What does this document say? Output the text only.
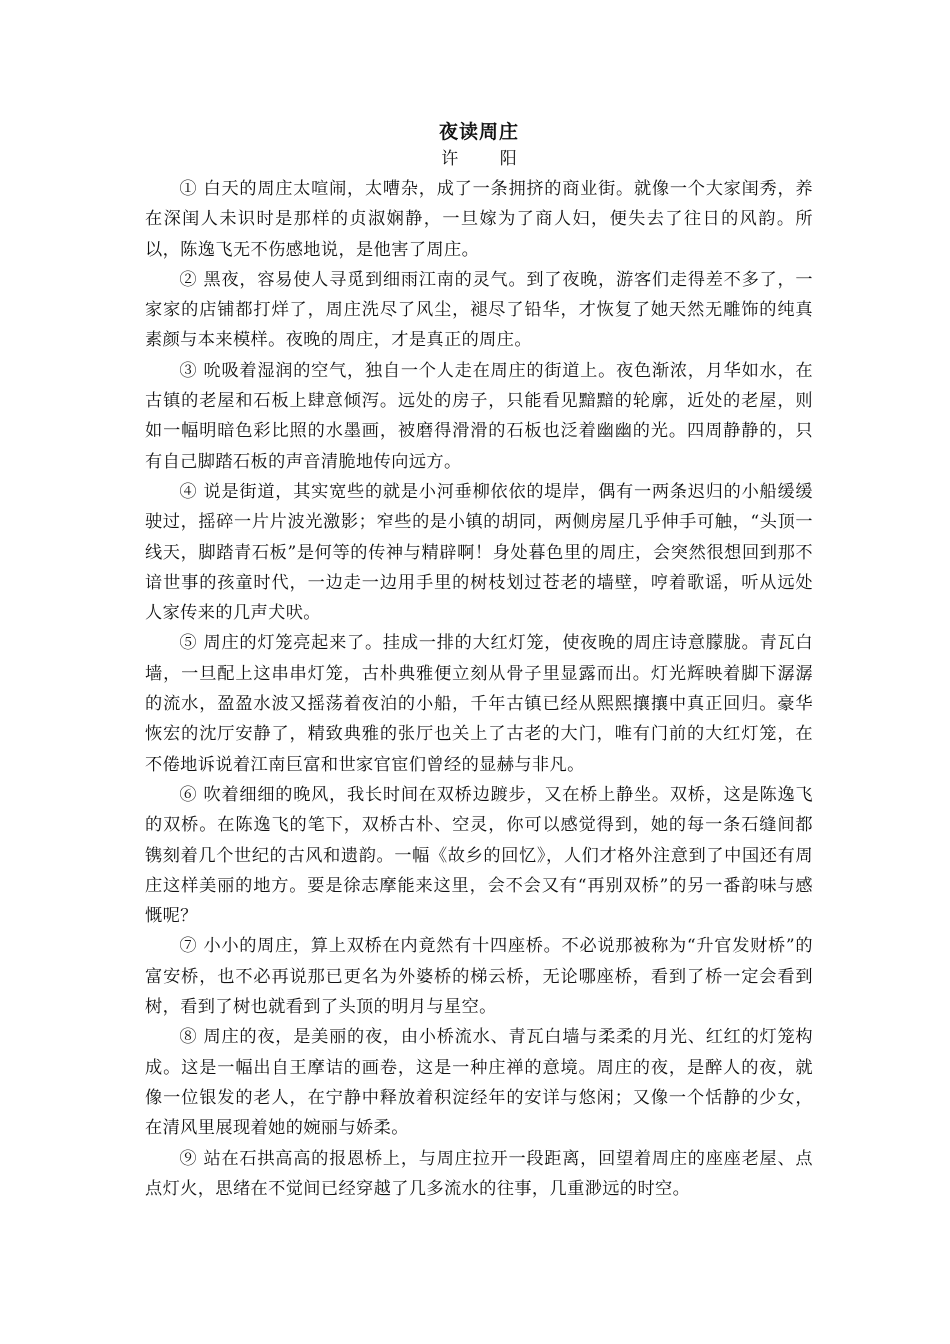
夜读周庄

许 阳

① 白天的周庄太喧闹，太嘈杂，成了一条拥挤的商业街。就像一个大家闺秀，养在深闺人未识时是那样的贞淑娴静，一旦嫁为了商人妇，便失去了往日的风韵。所以，陈逸飞无不伤感地说，是他害了周庄。

② 黑夜，容易使人寻觅到细雨江南的灵气。到了夜晚，游客们走得差不多了，一家家的店铺都打烊了，周庄洗尽了风尘，褪尽了铅华，才恢复了她天然无雕饰的纯真素颜与本来模样。夜晚的周庄，才是真正的周庄。

③ 吮吸着湿润的空气，独自一个人走在周庄的街道上。夜色渐浓，月华如水，在古镇的老屋和石板上肆意倾泻。远处的房子，只能看见黯黯的轮廓，近处的老屋，则如一幅明暗色彩比照的水墨画，被磨得滑滑的石板也泛着幽幽的光。四周静静的，只有自己脚踏石板的声音清脆地传向远方。

④ 说是街道，其实宽些的就是小河垂柳依依的堤岸，偶有一两条迟归的小船缓缓驶过，摇碎一片片波光激影；窄些的是小镇的胡同，两侧房屋几乎伸手可触，“头顶一线天，脚踏青石板”是何等的传神与精辟啊！身处暮色里的周庄，会突然很想回到那不谙世事的孩童时代，一边走一边用手里的树枝划过苍老的墙壁，哼着歌谣，听从远处人家传来的几声犬吠。

⑤ 周庄的灯笼亮起来了。挂成一排的大红灯笼，使夜晚的周庄诗意朦胧。青瓦白墙，一旦配上这串串灯笼，古朴典雅便立刻从骨子里显露而出。灯光辉映着脚下潺潺的流水，盈盈水波又摇荡着夜泊的小船，千年古镇已经从熙熙攘攘中真正回归。豪华恢宏的沈厅安静了，精致典雅的张厅也关上了古老的大门，唯有门前的大红灯笼，在不倦地诉说着江南巨富和世家官宦们曾经的显赫与非凡。

⑥ 吹着细细的晚风，我长时间在双桥边踱步，又在桥上静坐。双桥，这是陈逸飞的双桥。在陈逸飞的笔下，双桥古朴、空灵，你可以感觉得到，她的每一条石缝间都镌刻着几个世纪的古风和遗韵。一幅《故乡的回忆》，人们才格外注意到了中国还有周庄这样美丽的地方。要是徐志摩能来这里，会不会又有“再别双桥”的另一番韵味与感慨呢？

⑦ 小小的周庄，算上双桥在内竟然有十四座桥。不必说那被称为“升官发财桥”的富安桥，也不必再说那已更名为外婆桥的梯云桥，无论哪座桥，看到了桥一定会看到树，看到了树也就看到了头顶的明月与星空。

⑧ 周庄的夜，是美丽的夜，由小桥流水、青瓦白墙与柔柔的月光、红红的灯笼构成。这是一幅出自王摩诘的画卷，这是一种庄禅的意境。周庄的夜，是醉人的夜，就像一位银发的老人，在宁静中释放着积淀经年的安详与悠闲；又像一个恬静的少女，在清风里展现着她的婉丽与娇柔。

⑨ 站在石拱高高的报恩桥上，与周庄拉开一段距离，回望着周庄的座座老屋、点点灯火，思绪在不觉间已经穿越了几多流水的往事，几重渺远的时空。
